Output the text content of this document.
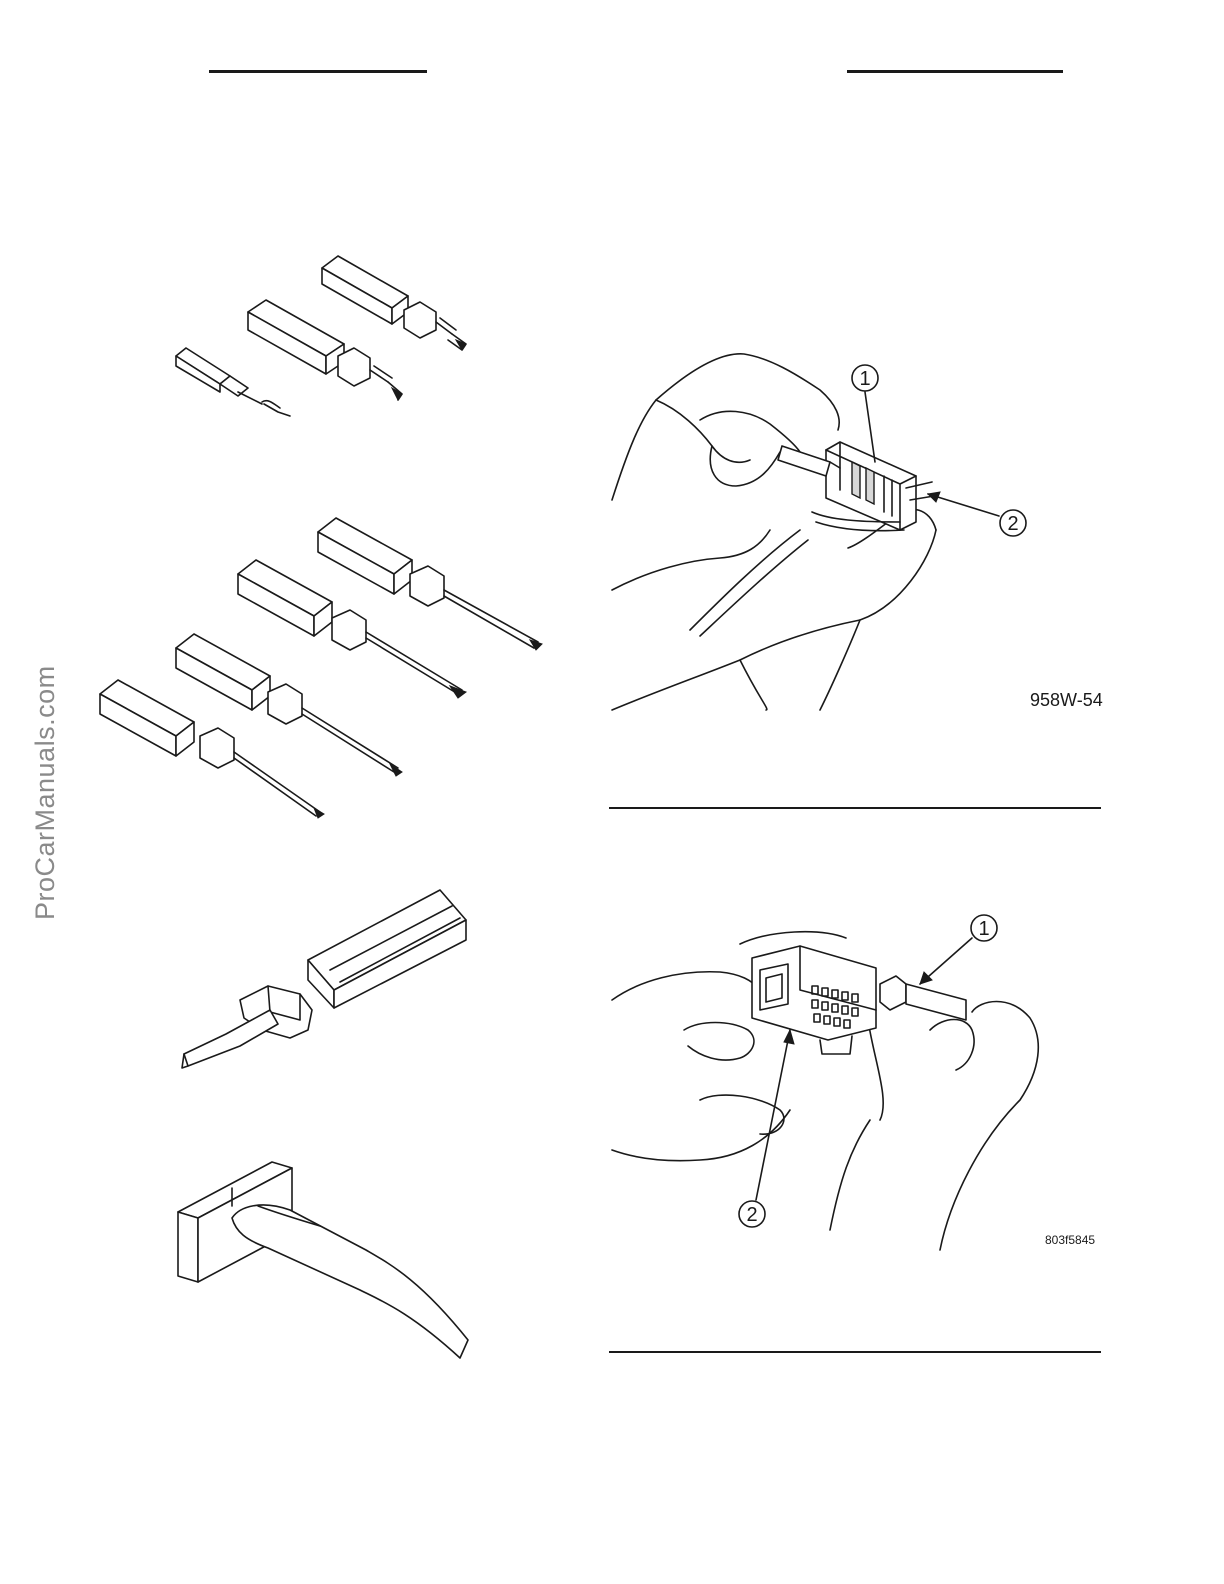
ProCarManuals.com
1
2
958W-54
1
2
803f5845
